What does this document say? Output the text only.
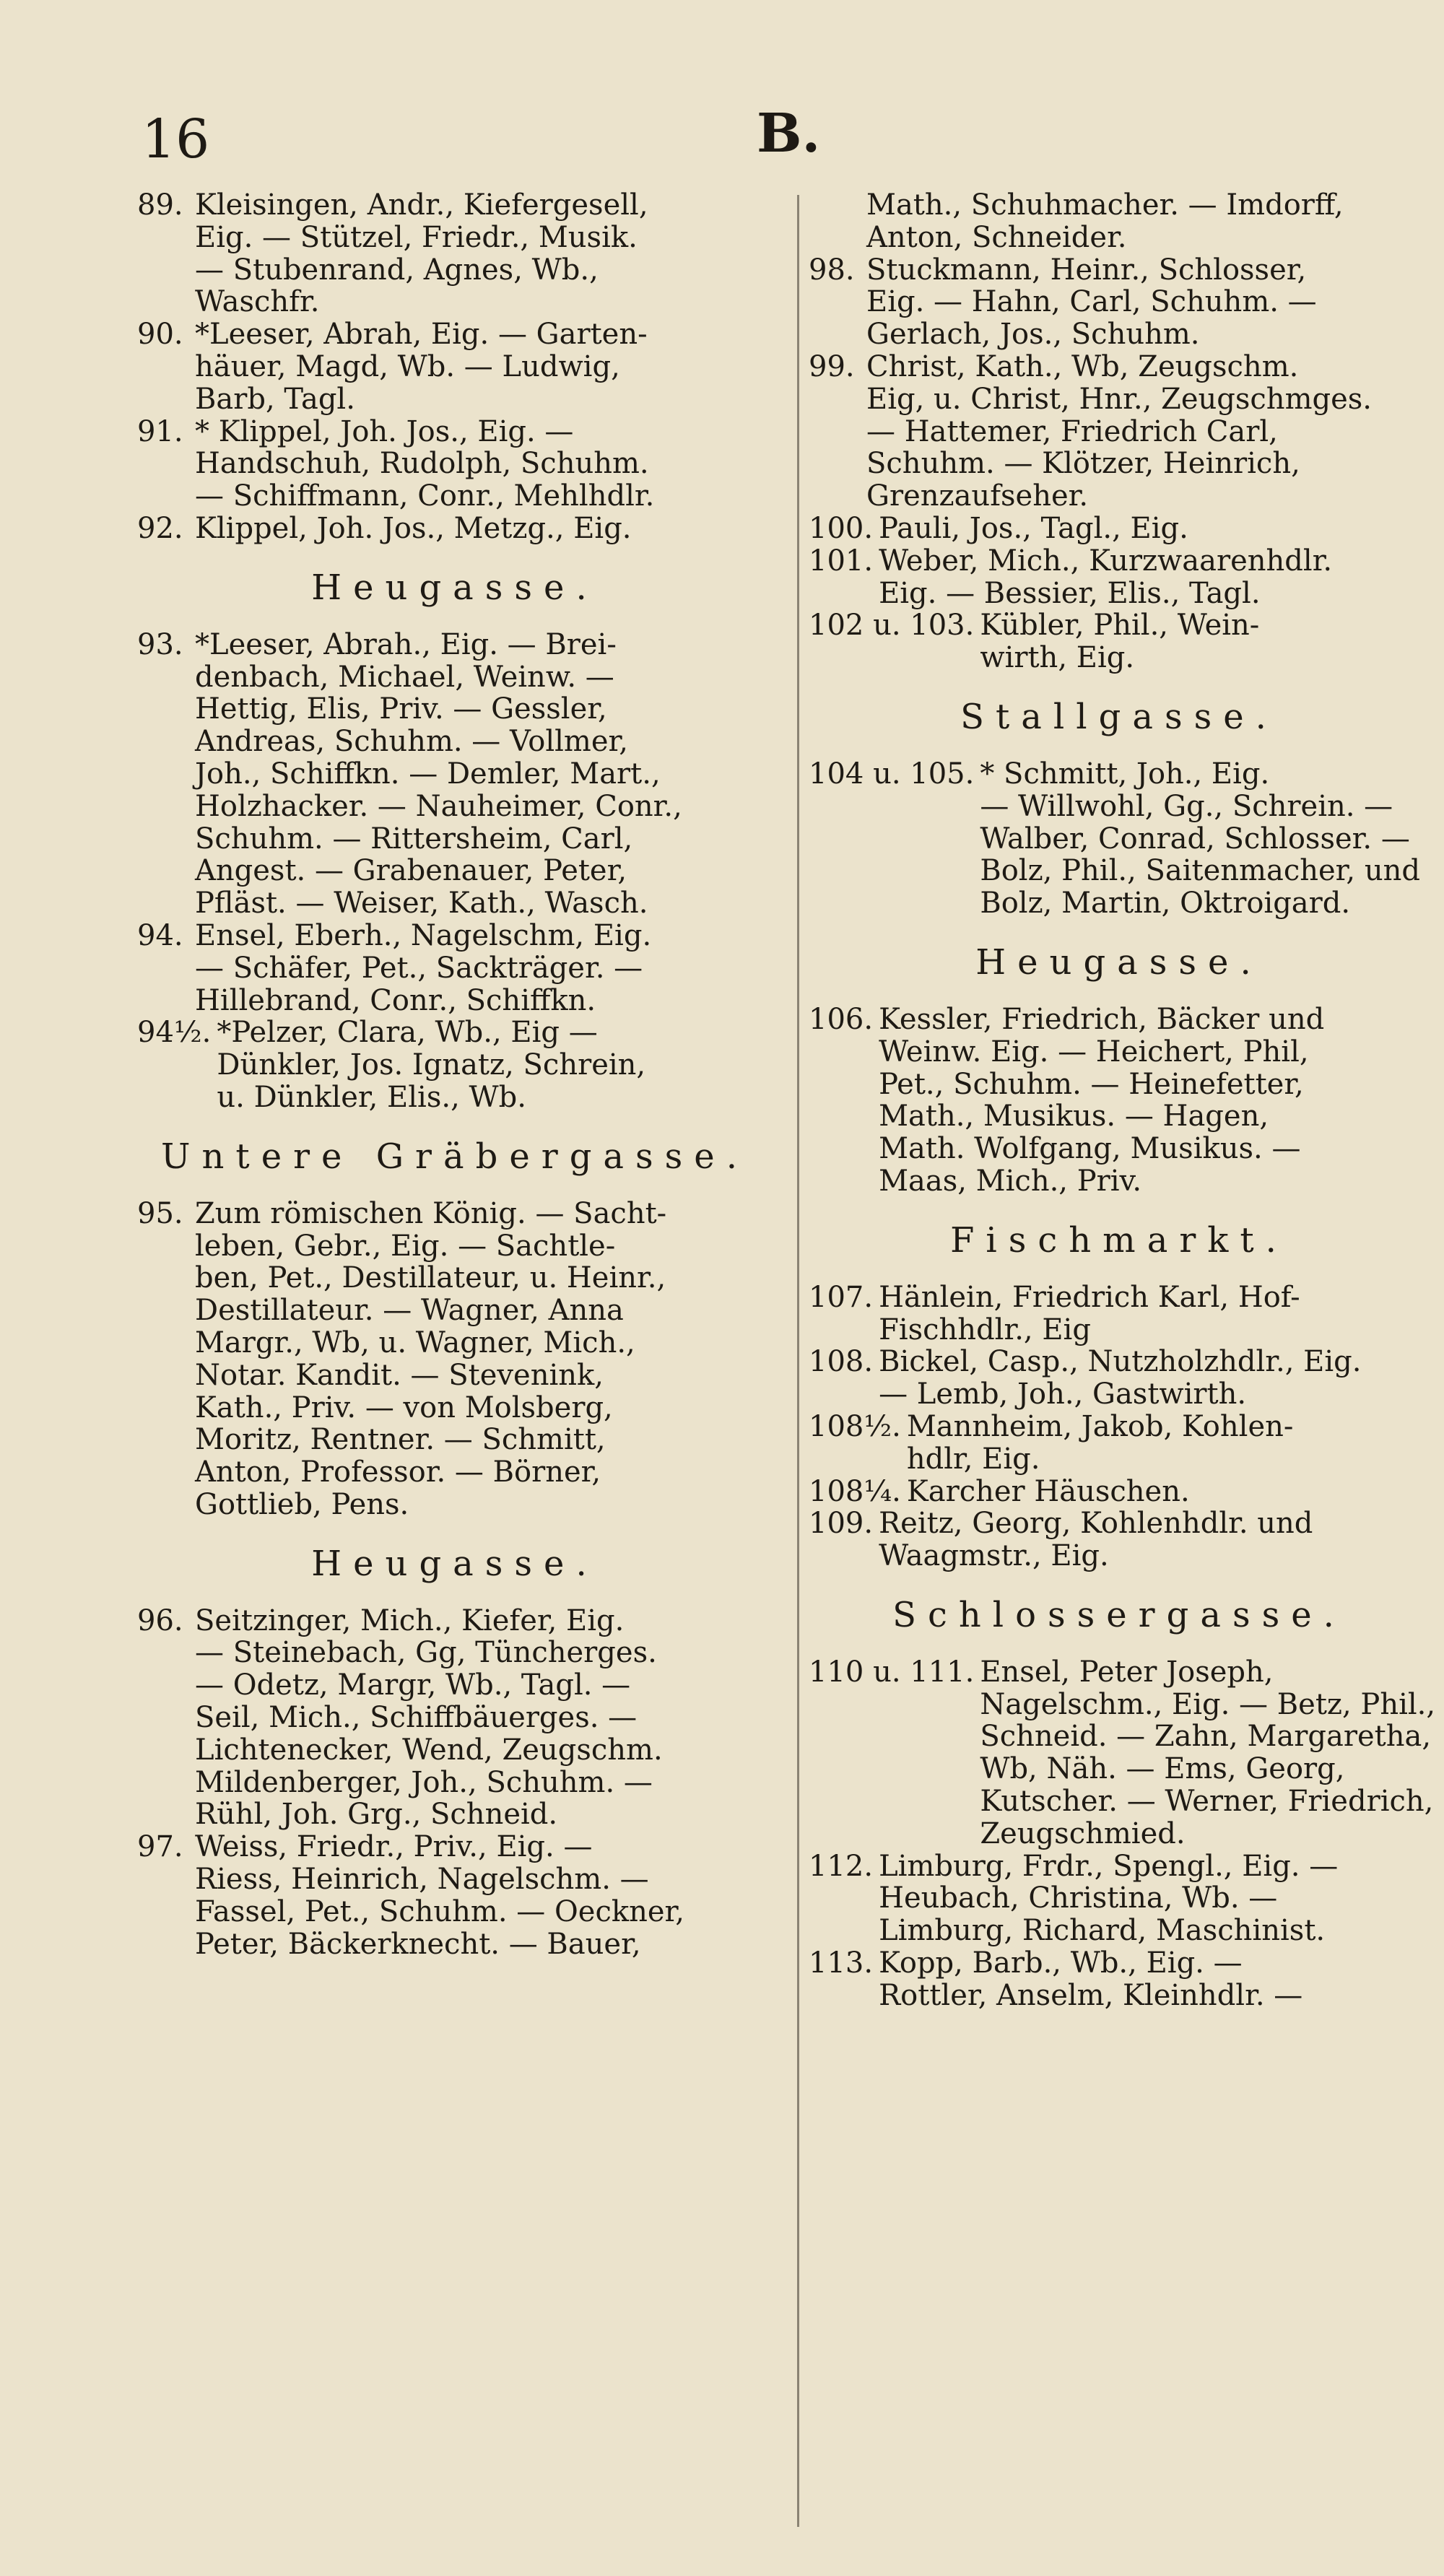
16	B.
89. Kleisingen, Andr., Kiefergesell,
Eig. — Stützel, Friedr., Musik.
— Stubenrand, Agnes, Wb.,
Waschfr.
90. *Leeser, Abrah, Eig. — Garten-
häuer, Magd, Wb. — Ludwig,
Barb, Tagl.
91. * Klippel, Joh. Jos., Eig. —
Handschuh, Rudolph, Schuhm.
— Schiffmann, Conr., Mehlhdlr.
92. Klippel, Joh. Jos., Metzg., Eig.
Heugasse.
93. *Leeser, Abrah., Eig. — Brei-
denbach, Michael, Weinw. —
Hettig, Elis, Priv. — Gessler,
Andreas, Schuhm. — Vollmer,
Joh., Schiffkn. — Demler, Mart.,
Holzhacker. — Nauheimer, Conr.,
Schuhm. — Rittersheim, Carl,
Angest. — Grabenauer, Peter,
Pfläst. — Weiser, Kath., Wasch.
94. Ensel, Eberh., Nagelschm, Eig.
— Schäfer, Pet., Sackträger. —
Hillebrand, Conr., Schiffkn.
94½. *Pelzer, Clara, Wb., Eig —
Dünkler, Jos. Ignatz, Schrein,
u. Dünkler, Elis., Wb.
Untere Gräbergasse.
95. Zum römischen König. — Sacht-
leben, Gebr., Eig. — Sachtle-
ben, Pet., Destillateur, u. Heinr.,
Destillateur. — Wagner, Anna
Margr., Wb, u. Wagner, Mich.,
Notar. Kandit. — Stevenink,
Kath., Priv. — von Molsberg,
Moritz, Rentner. — Schmitt,
Anton, Professor. — Börner,
Gottlieb, Pens.
Heugasse.
96. Seitzinger, Mich., Kiefer, Eig.
— Steinebach, Gg, Tüncherges.
— Odetz, Margr, Wb., Tagl. —
Seil, Mich., Schiffbäuerges. —
Lichtenecker, Wend, Zeugschm.
Mildenberger, Joh., Schuhm. —
Rühl, Joh. Grg., Schneid.
97. Weiss, Friedr., Priv., Eig. —
Riess, Heinrich, Nagelschm. —
Fassel, Pet., Schuhm. — Oeckner,
Peter, Bäckerknecht. — Bauer,
Math., Schuhmacher. — Imdorff,
Anton, Schneider.
98. Stuckmann, Heinr., Schlosser,
Eig. — Hahn, Carl, Schuhm. —
Gerlach, Jos., Schuhm.
99. Christ, Kath., Wb, Zeugschm.
Eig, u. Christ, Hnr., Zeugschmges.
— Hattemer, Friedrich Carl,
Schuhm. — Klötzer, Heinrich,
Grenzaufseher.
100. Pauli, Jos., Tagl., Eig.
101. Weber, Mich., Kurzwaarenhdlr.
Eig. — Bessier, Elis., Tagl.
102 u. 103. Kübler, Phil., Wein-
wirth, Eig.
Stallgasse.
104 u. 105. * Schmitt, Joh., Eig.
— Willwohl, Gg., Schrein. —
Walber, Conrad, Schlosser. —
Bolz, Phil., Saitenmacher, und
Bolz, Martin, Oktroigard.
Heugasse.
106. Kessler, Friedrich, Bäcker und
Weinw. Eig. — Heichert, Phil,
Pet., Schuhm. — Heinefetter,
Math., Musikus. — Hagen,
Math. Wolfgang, Musikus. —
Maas, Mich., Priv.
Fischmarkt.
107. Hänlein, Friedrich Karl, Hof-
Fischhdlr., Eig
108. Bickel, Casp., Nutzholzhdlr., Eig.
— Lemb, Joh., Gastwirth.
108½. Mannheim, Jakob, Kohlen-
hdlr, Eig.
108¼. Karcher Häuschen.
109. Reitz, Georg, Kohlenhdlr. und
Waagmstr., Eig.
Schlossergasse.
110 u. 111. Ensel, Peter Joseph,
Nagelschm., Eig. — Betz, Phil.,
Schneid. — Zahn, Margaretha,
Wb, Näh. — Ems, Georg,
Kutscher. — Werner, Friedrich,
Zeugschmied.
112. Limburg, Frdr., Spengl., Eig. —
Heubach, Christina, Wb. —
Limburg, Richard, Maschinist.
113. Kopp, Barb., Wb., Eig. —
Rottler, Anselm, Kleinhdlr. —
